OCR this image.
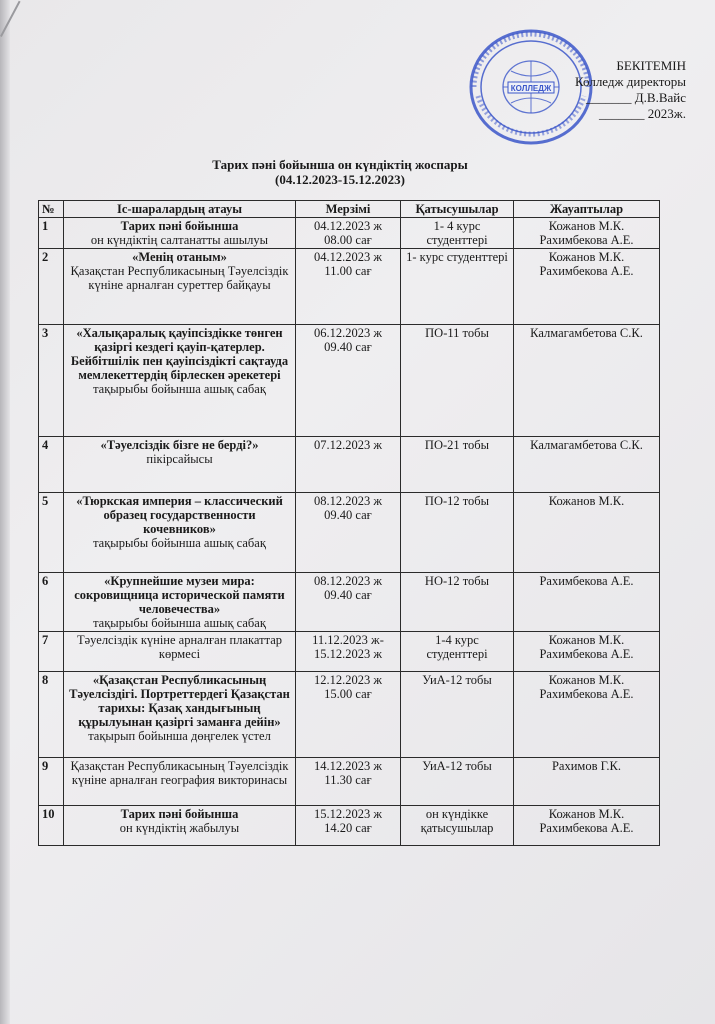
КОЛЛЕДЖ
БЕКІТЕМІН
Колледж директоры
_______ Д.В.Вайс
_______ 2023ж.
Тарих пәні бойынша он күндіктің жоспары
(04.12.2023-15.12.2023)
№	Іс-шаралардың атауы	Мерзімі	Қатысушылар	Жауаптылар
1	Тарих пәні бойынша
он күндіктің салтанатты ашылуы	04.12.2023 ж 08.00 сағ	1- 4 курс студенттері	Кожанов М.К. Рахимбекова А.Е.
2	«Менің отаным»
Қазақстан Республикасының Тәуелсіздік күніне арналған суреттер байқауы	04.12.2023 ж 11.00 сағ	1- курс студенттері	Кожанов М.К. Рахимбекова А.Е.
3	«Халықаралық қауіпсіздікке төнген қазіргі кездегі қауіп-қатерлер. Бейбітшілік пен қауіпсіздікті сақтауда мемлекеттердің бірлескен әрекетері
тақырыбы бойынша ашық сабақ	06.12.2023 ж 09.40 сағ	ПО-11 тобы	Калмагамбетова С.К.
4	«Тәуелсіздік бізге не берді?»
пікірсайысы	07.12.2023 ж	ПО-21 тобы	Калмагамбетова С.К.
5	«Тюркская империя – классический образец государственности кочевников»
тақырыбы бойынша ашық сабақ	08.12.2023 ж 09.40 сағ	ПО-12 тобы	Кожанов М.К.
6	«Крупнейшие музеи мира: сокровищница исторической памяти человечества»
тақырыбы бойынша ашық сабақ	08.12.2023 ж 09.40 сағ	НО-12 тобы	Рахимбекова А.Е.
7	Тәуелсіздік күніне арналған плакаттар көрмесі	11.12.2023 ж- 15.12.2023 ж	1-4 курс студенттері	Кожанов М.К. Рахимбекова А.Е.
8	«Қазақстан Республикасының Тәуелсіздігі. Портреттердегі Қазақстан тарихы: Қазақ хандығының құрылуынан қазіргі заманға дейін»
тақырып бойынша дөңгелек үстел	12.12.2023 ж 15.00 сағ	УиА-12 тобы	Кожанов М.К. Рахимбекова А.Е.
9	Қазақстан Республикасының Тәуелсіздік күніне арналған география викторинасы	14.12.2023 ж 11.30 сағ	УиА-12 тобы	Рахимов Г.К.
10	Тарих пәні бойынша
он күндіктің жабылуы	15.12.2023 ж 14.20 сағ	он күндікке қатысушылар	Кожанов М.К. Рахимбекова А.Е.
